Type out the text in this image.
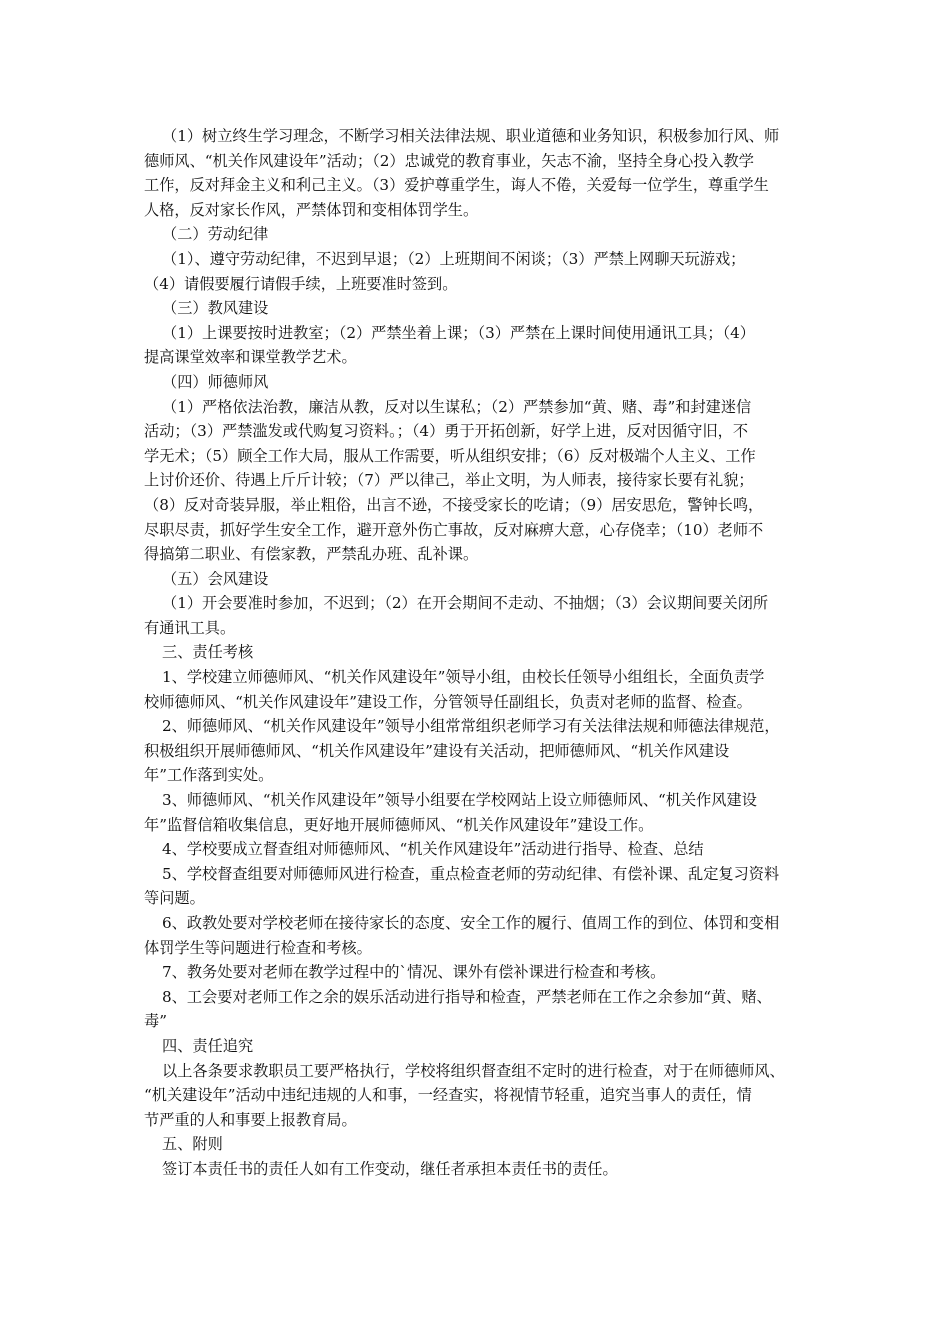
（1）树立终生学习理念，不断学习相关法律法规、职业道德和业务知识，积极参加行风、师
德师风、“机关作风建设年”活动；（2）忠诚党的教育事业，矢志不渝，坚持全身心投入教学
工作，反对拜金主义和利己主义。（3）爱护尊重学生，诲人不倦，关爱每一位学生，尊重学生
人格，反对家长作风，严禁体罚和变相体罚学生。
（二）劳动纪律
（1）、遵守劳动纪律，不迟到早退；（2）上班期间不闲谈；（3）严禁上网聊天玩游戏；
（4）请假要履行请假手续，上班要准时签到。
（三）教风建设
（1）上课要按时进教室；（2）严禁坐着上课；（3）严禁在上课时间使用通讯工具；（4）
提高课堂效率和课堂教学艺术。
（四）师德师风
（1）严格依法治教，廉洁从教，反对以生谋私；（2）严禁参加“黄、赌、毒”和封建迷信
活动；（3）严禁滥发或代购复习资料。；（4）勇于开拓创新，好学上进，反对因循守旧，不
学无术；（5）顾全工作大局，服从工作需要，听从组织安排；（6）反对极端个人主义、工作
上讨价还价、待遇上斤斤计较；（7）严以律己，举止文明，为人师表，接待家长要有礼貌；
（8）反对奇装异服，举止粗俗，出言不逊，不接受家长的吃请；（9）居安思危，警钟长鸣，
尽职尽责，抓好学生安全工作，避开意外伤亡事故，反对麻痹大意，心存侥幸；（10）老师不
得搞第二职业、有偿家教，严禁乱办班、乱补课。
（五）会风建设
（1）开会要准时参加，不迟到；（2）在开会期间不走动、不抽烟；（3）会议期间要关闭所
有通讯工具。
三、责任考核
1、学校建立师德师风、“机关作风建设年”领导小组，由校长任领导小组组长，全面负责学
校师德师风、“机关作风建设年”建设工作，分管领导任副组长，负责对老师的监督、检查。
2、师德师风、“机关作风建设年”领导小组常常组织老师学习有关法律法规和师德法律规范，
积极组织开展师德师风、“机关作风建设年”建设有关活动，把师德师风、“机关作风建设
年”工作落到实处。
3、师德师风、“机关作风建设年”领导小组要在学校网站上设立师德师风、“机关作风建设
年”监督信箱收集信息，更好地开展师德师风、“机关作风建设年”建设工作。
4、学校要成立督查组对师德师风、“机关作风建设年”活动进行指导、检查、总结
5、学校督查组要对师德师风进行检查，重点检查老师的劳动纪律、有偿补课、乱定复习资料
等问题。
6、政教处要对学校老师在接待家长的态度、安全工作的履行、值周工作的到位、体罚和变相
体罚学生等问题进行检查和考核。
7、教务处要对老师在教学过程中的`情况、课外有偿补课进行检查和考核。
8、工会要对老师工作之余的娱乐活动进行指导和检查，严禁老师在工作之余参加“黄、赌、
毒”
四、责任追究
以上各条要求教职员工要严格执行，学校将组织督查组不定时的进行检查，对于在师德师风、
“机关建设年”活动中违纪违规的人和事，一经查实，将视情节轻重，追究当事人的责任，情
节严重的人和事要上报教育局。
五、附则
签订本责任书的责任人如有工作变动，继任者承担本责任书的责任。
